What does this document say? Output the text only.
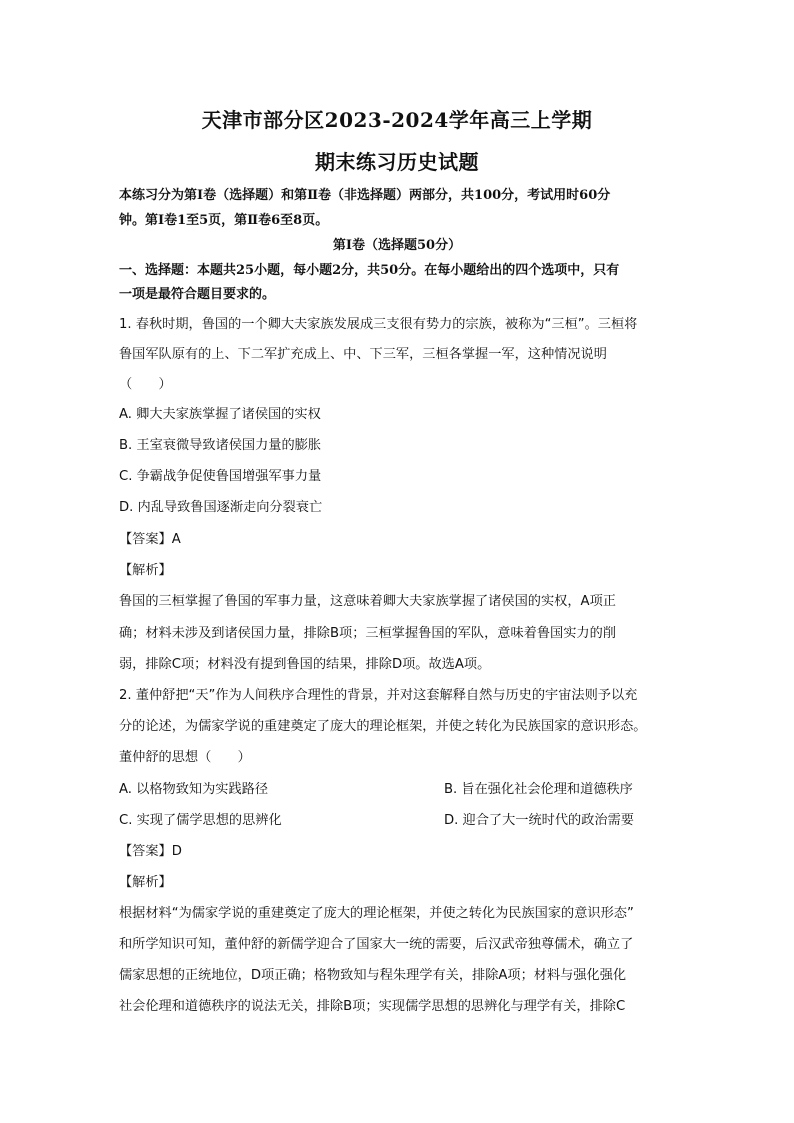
天津市部分区2023-2024学年高三上学期
期末练习历史试题
本练习分为第Ⅰ卷（选择题）和第Ⅱ卷（非选择题）两部分，共100分，考试用时60分
钟。第Ⅰ卷1至5页，第Ⅱ卷6至8页。
第Ⅰ卷（选择题50分）
一、选择题：本题共25小题，每小题2分，共50分。在每小题给出的四个选项中，只有
一项是最符合题目要求的。
1. 春秋时期，鲁国的一个卿大夫家族发展成三支很有势力的宗族，被称为“三桓”。三桓将
鲁国军队原有的上、下二军扩充成上、中、下三军，三桓各掌握一军，这种情况说明
（　　）
A. 卿大夫家族掌握了诸侯国的实权
B. 王室衰微导致诸侯国力量的膨胀
C. 争霸战争促使鲁国增强军事力量
D. 内乱导致鲁国逐渐走向分裂衰亡
【答案】A
【解析】
鲁国的三桓掌握了鲁国的军事力量，这意味着卿大夫家族掌握了诸侯国的实权，A项正
确；材料未涉及到诸侯国力量，排除B项；三桓掌握鲁国的军队，意味着鲁国实力的削
弱，排除C项；材料没有提到鲁国的结果，排除D项。故选A项。
2. 董仲舒把“天”作为人间秩序合理性的背景，并对这套解释自然与历史的宇宙法则予以充
分的论述，为儒家学说的重建奠定了庞大的理论框架，并使之转化为民族国家的意识形态。
董仲舒的思想（　　）
A. 以格物致知为实践路径	B. 旨在强化社会伦理和道德秩序
C. 实现了儒学思想的思辨化	D. 迎合了大一统时代的政治需要
【答案】D
【解析】
根据材料“为儒家学说的重建奠定了庞大的理论框架，并使之转化为民族国家的意识形态”
和所学知识可知，董仲舒的新儒学迎合了国家大一统的需要，后汉武帝独尊儒术，确立了
儒家思想的正统地位，D项正确；格物致知与程朱理学有关，排除A项；材料与强化强化
社会伦理和道德秩序的说法无关，排除B项；实现儒学思想的思辨化与理学有关，排除C
